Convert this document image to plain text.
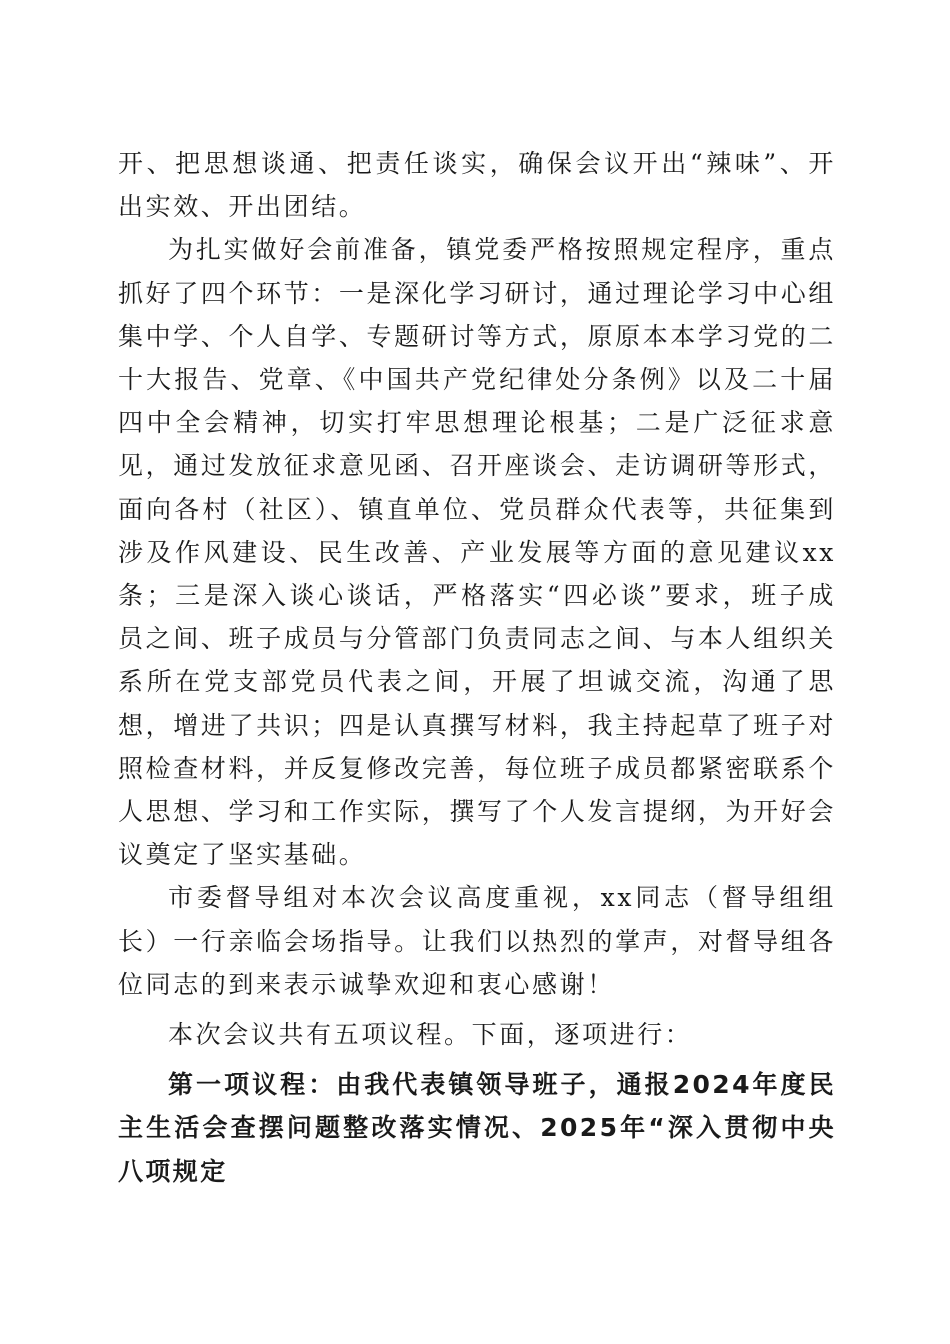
开、把思想谈通、把责任谈实，确保会议开出“辣味”、开出实效、开出团结。

为扎实做好会前准备，镇党委严格按照规定程序，重点抓好了四个环节：一是深化学习研讨，通过理论学习中心组集中学、个人自学、专题研讨等方式，原原本本学习党的二十大报告、党章、《中国共产党纪律处分条例》以及二十届四中全会精神，切实打牢思想理论根基；二是广泛征求意见，通过发放征求意见函、召开座谈会、走访调研等形式，面向各村（社区）、镇直单位、党员群众代表等，共征集到涉及作风建设、民生改善、产业发展等方面的意见建议xx条；三是深入谈心谈话，严格落实“四必谈”要求，班子成员之间、班子成员与分管部门负责同志之间、与本人组织关系所在党支部党员代表之间，开展了坦诚交流，沟通了思想，增进了共识；四是认真撰写材料，我主持起草了班子对照检查材料，并反复修改完善，每位班子成员都紧密联系个人思想、学习和工作实际，撰写了个人发言提纲，为开好会议奠定了坚实基础。

市委督导组对本次会议高度重视，xx同志（督导组组长）一行亲临会场指导。让我们以热烈的掌声，对督导组各位同志的到来表示诚挚欢迎和衷心感谢！

本次会议共有五项议程。下面，逐项进行：

第一项议程：由我代表镇领导班子，通报2024年度民主生活会查摆问题整改落实情况、2025年“深入贯彻中央八项规定
